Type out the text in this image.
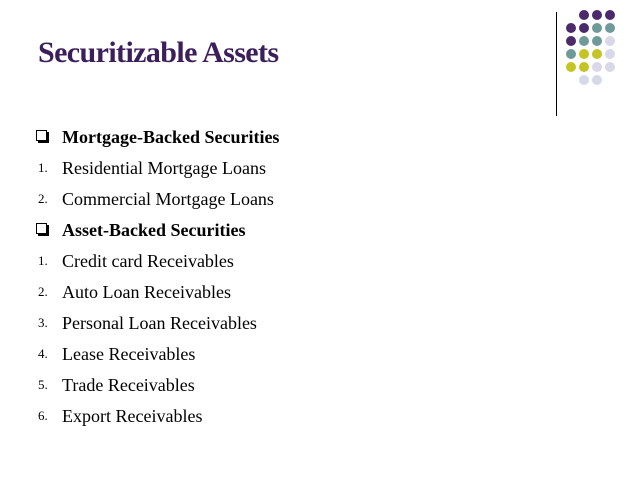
Securitizable Assets
Mortgage-Backed Securities
1. Residential Mortgage Loans
2. Commercial Mortgage Loans
Asset-Backed Securities
1. Credit card Receivables
2. Auto Loan Receivables
3. Personal Loan Receivables
4. Lease Receivables
5. Trade Receivables
6. Export Receivables
